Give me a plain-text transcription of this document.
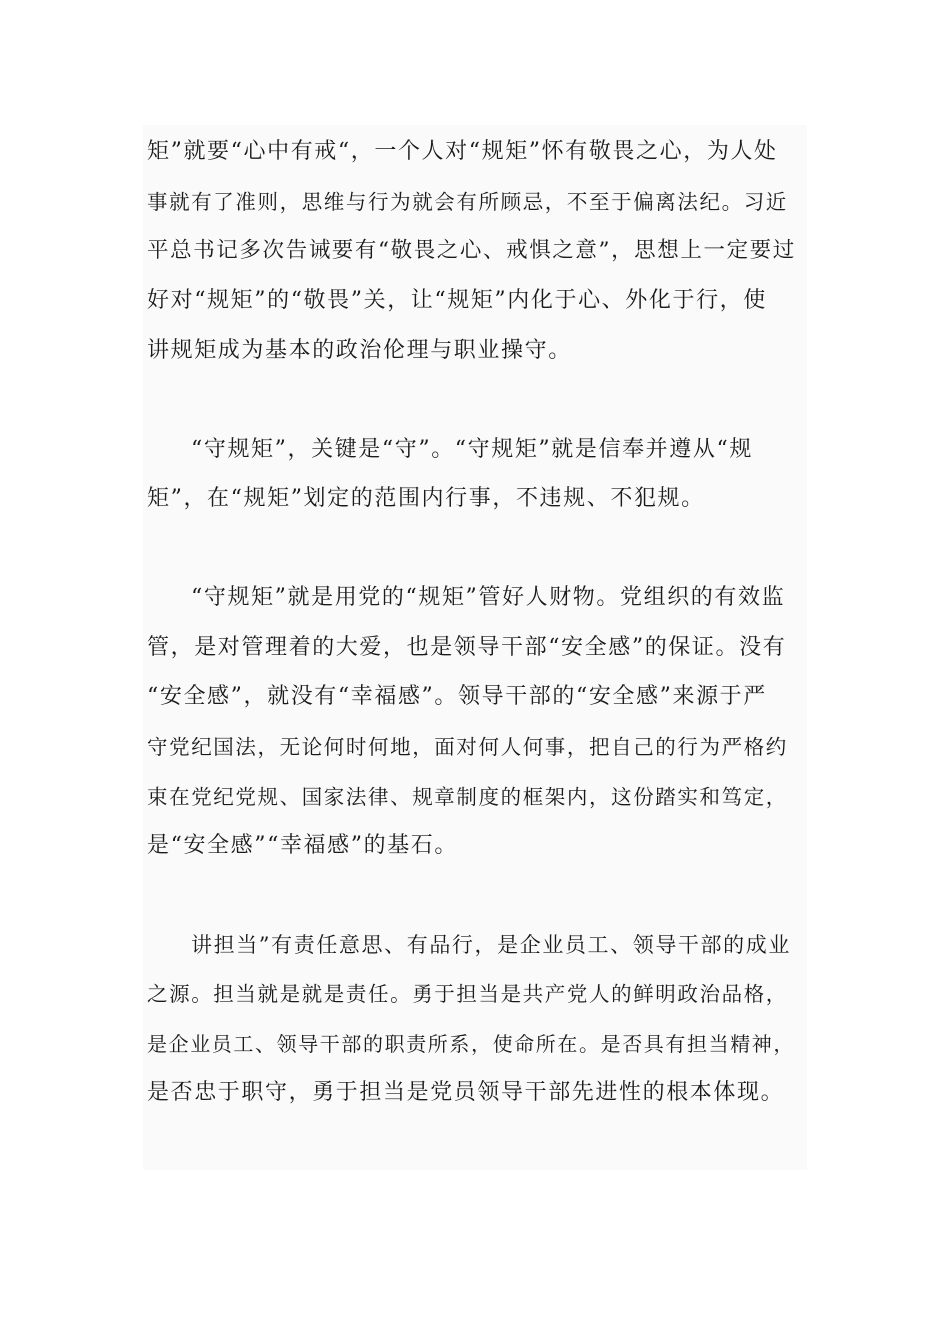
矩”就要“心中有戒“，一个人对“规矩”怀有敬畏之心，为人处
事就有了准则，思维与行为就会有所顾忌，不至于偏离法纪。习近
平总书记多次告诫要有“敬畏之心、戒惧之意”，思想上一定要过
好对“规矩”的“敬畏”关，让“规矩”内化于心、外化于行，使
讲规矩成为基本的政治伦理与职业操守。
“守规矩”，关键是“守”。“守规矩”就是信奉并遵从“规
矩”，在“规矩”划定的范围内行事，不违规、不犯规。
“守规矩”就是用党的“规矩”管好人财物。党组织的有效监
管，是对管理着的大爱，也是领导干部“安全感”的保证。没有
“安全感”，就没有“幸福感”。领导干部的“安全感”来源于严
守党纪国法，无论何时何地，面对何人何事，把自己的行为严格约
束在党纪党规、国家法律、规章制度的框架内，这份踏实和笃定，
是“安全感”“幸福感”的基石。
讲担当”有责任意思、有品行，是企业员工、领导干部的成业
之源。担当就是就是责任。勇于担当是共产党人的鲜明政治品格，
是企业员工、领导干部的职责所系，使命所在。是否具有担当精神，
是否忠于职守，勇于担当是党员领导干部先进性的根本体现。
